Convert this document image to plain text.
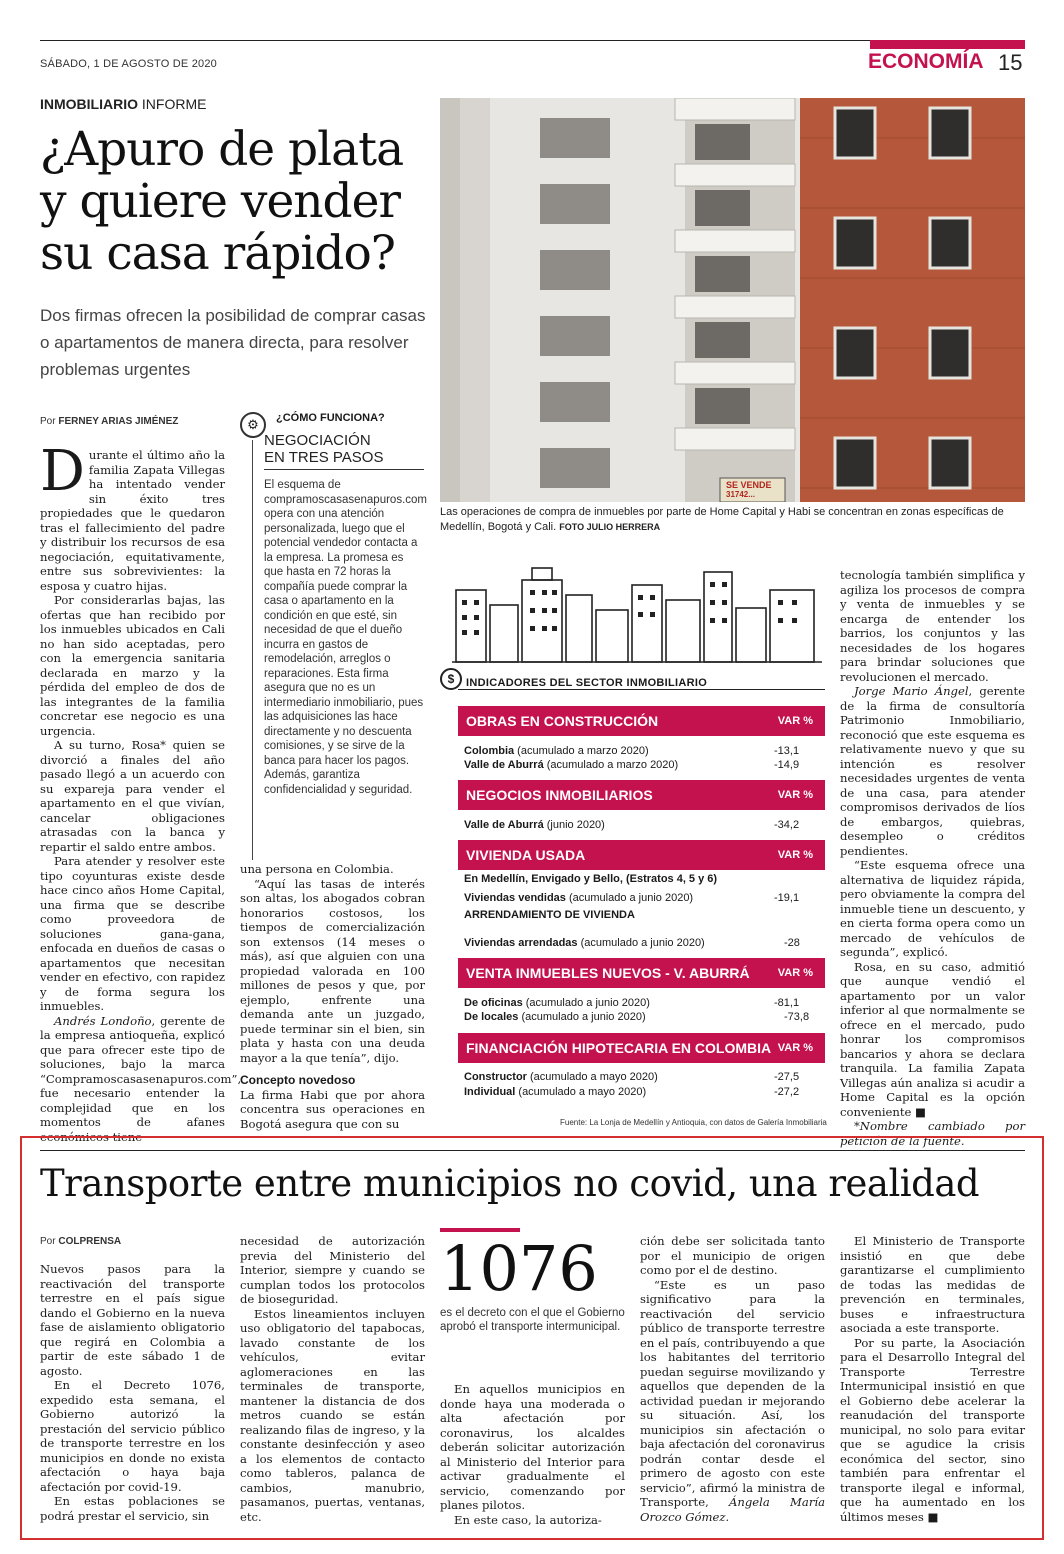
SÁBADO, 1 DE AGOSTO DE 2020	ECONOMÍA 15
INMOBILIARIO INFORME
¿Apuro de plata y quiere vender su casa rápido?
Dos firmas ofrecen la posibilidad de comprar casas o apartamentos de manera directa, para resolver problemas urgentes
SE VENDE
31742...
Las operaciones de compra de inmuebles por parte de Home Capital y Habi se concentran en zonas específicas de Medellín, Bogotá y Cali. FOTO JULIO HERRERA
Por FERNEY ARIAS JIMÉNEZ

Durante el último año la familia Zapata Villegas ha intentado vender sin éxito tres propiedades que le quedaron tras el fallecimiento del padre y distribuir los recursos de esa negociación, equitativamente, entre sus sobrevivientes: la esposa y cuatro hijas.

Por considerarlas bajas, las ofertas que han recibido por los inmuebles ubicados en Cali no han sido aceptadas, pero con la emergencia sanitaria declarada en marzo y la pérdida del empleo de dos de las integrantes de la familia concretar ese negocio es una urgencia.

A su turno, Rosa* quien se divorció a finales del año pasado llegó a un acuerdo con su expareja para vender el apartamento en el que vivían, cancelar obligaciones atrasadas con la banca y repartir el saldo entre ambos.

Para atender y resolver este tipo coyunturas existe desde hace cinco años Home Capital, una firma que se describe como proveedora de soluciones gana-gana, enfocada en dueños de casas o apartamentos que necesitan vender en efectivo, con rapidez y de forma segura los inmuebles.

Andrés Londoño, gerente de la empresa antioqueña, explicó que para ofrecer este tipo de soluciones, bajo la marca “Compramoscasasenapuros.com”, fue necesario entender la complejidad que en los momentos de afanes económicos tiene

⚙	¿CÓMO FUNCIONA?
NEGOCIACIÓN
EN TRES PASOS
El esquema de compramoscasasenapuros.com opera con una atención personalizada, luego que el potencial vendedor contacta a la empresa. La promesa es que hasta en 72 horas la compañía puede comprar la casa o apartamento en la condición en que esté, sin necesidad de que el dueño incurra en gastos de remodelación, arreglos o reparaciones. Esta firma asegura que no es un intermediario inmobiliario, pues las adquisiciones las hace directamente y no descuenta comisiones, y se sirve de la banca para hacer los pagos. Además, garantiza confidencialidad y seguridad.

una persona en Colombia.

“Aquí las tasas de interés son altas, los abogados cobran honorarios costosos, los tiempos de comercialización son extensos (14 meses o más), así que alguien con una propiedad valorada en 100 millones de pesos y que, por ejemplo, enfrente una demanda ante un juzgado, puede terminar sin el bien, sin plata y hasta con una deuda mayor a la que tenía”, dijo.

Concepto novedoso

La firma Habi que por ahora concentra sus operaciones en Bogotá asegura que con su

$	INDICADORES DEL SECTOR INMOBILIARIO
OBRAS EN CONSTRUCCIÓN	VAR %
Colombia (acumulado a marzo 2020)	-13,1
Valle de Aburrá (acumulado a marzo 2020)	-14,9
NEGOCIOS INMOBILIARIOS	VAR %
Valle de Aburrá (junio 2020)	-34,2
VIVIENDA USADA	VAR %
En Medellín, Envigado y Bello, (Estratos 4, 5 y 6)
Viviendas vendidas (acumulado a junio 2020)	-19,1
ARRENDAMIENTO DE VIVIENDA
Viviendas arrendadas (acumulado a junio 2020)	-28
VENTA INMUEBLES NUEVOS - V. ABURRÁ	VAR %
De oficinas (acumulado a junio 2020)	-81,1
De locales (acumulado a junio 2020)	-73,8
FINANCIACIÓN HIPOTECARIA EN COLOMBIA VAR %
Constructor (acumulado a mayo 2020)	-27,5
Individual (acumulado a mayo 2020)	-27,2
Fuente: La Lonja de Medellín y Antioquia, con datos de Galería Inmobiliaria

tecnología también simplifica y agiliza los procesos de compra y venta de inmuebles y se encarga de entender los barrios, los conjuntos y las necesidades de los hogares para brindar soluciones que revolucionen el mercado.

Jorge Mario Ángel, gerente de la firma de consultoría Patrimonio Inmobiliario, reconoció que este esquema es relativamente nuevo y que su intención es resolver necesidades urgentes de venta de una casa, para atender compromisos derivados de líos de embargos, quiebras, desempleo o créditos pendientes.

“Este esquema ofrece una alternativa de liquidez rápida, pero obviamente la compra del inmueble tiene un descuento, y en cierta forma opera como un mercado de vehículos de segunda”, explicó.

Rosa, en su caso, admitió que aunque vendió el apartamento por un valor inferior al que normalmente se ofrece en el mercado, pudo honrar los compromisos bancarios y ahora se declara tranquila. La familia Zapata Villegas aún analiza si acudir a Home Capital es la opción conveniente ■

*Nombre cambiado por petición de la fuente.

Transporte entre municipios no covid, una realidad
Por COLPRENSA

Nuevos pasos para la reactivación del transporte terrestre en el país sigue dando el Gobierno en la nueva fase de aislamiento obligatorio que regirá en Colombia a partir de este sábado 1 de agosto.

En el Decreto 1076, expedido esta semana, el Gobierno autorizó la prestación del servicio público de transporte terrestre en los municipios en donde no exista afectación o haya baja afectación por covid-19.

En estas poblaciones se podrá prestar el servicio, sin

necesidad de autorización previa del Ministerio del Interior, siempre y cuando se cumplan todos los protocolos de bioseguridad.

Estos lineamientos incluyen uso obligatorio del tapabocas, lavado constante de los vehículos, evitar aglomeraciones en las terminales de transporte, mantener la distancia de dos metros cuando se están realizando filas de ingreso, y la constante desinfección y aseo a los elementos de contacto como tableros, palanca de cambios, manubrio, pasamanos, puertas, ventanas, etc.

1076
es el decreto con el que el Gobierno aprobó el transporte intermunicipal.

En aquellos municipios en donde haya una moderada o alta afectación por coronavirus, los alcaldes deberán solicitar autorización al Ministerio del Interior para activar gradualmente el servicio, comenzando por planes pilotos.

En este caso, la autoriza-

ción debe ser solicitada tanto por el municipio de origen como por el de destino.

“Este es un paso significativo para la reactivación del servicio público de transporte terrestre en el país, contribuyendo a que los habitantes del territorio puedan seguirse movilizando y aquellos que dependen de la actividad puedan ir mejorando su situación. Así, los municipios sin afectación o baja afectación del coronavirus podrán contar desde el primero de agosto con este servicio”, afirmó la ministra de Transporte, Ángela María Orozco Gómez.

El Ministerio de Transporte insistió en que debe garantizarse el cumplimiento de todas las medidas de prevención en terminales, buses e infraestructura asociada a este transporte.

Por su parte, la Asociación para el Desarrollo Integral del Transporte Terrestre Intermunicipal insistió en que el Gobierno debe acelerar la reanudación del transporte municipal, no solo para evitar que se agudice la crisis económica del sector, sino también para enfrentar el transporte ilegal e informal, que ha aumentado en los últimos meses ■
